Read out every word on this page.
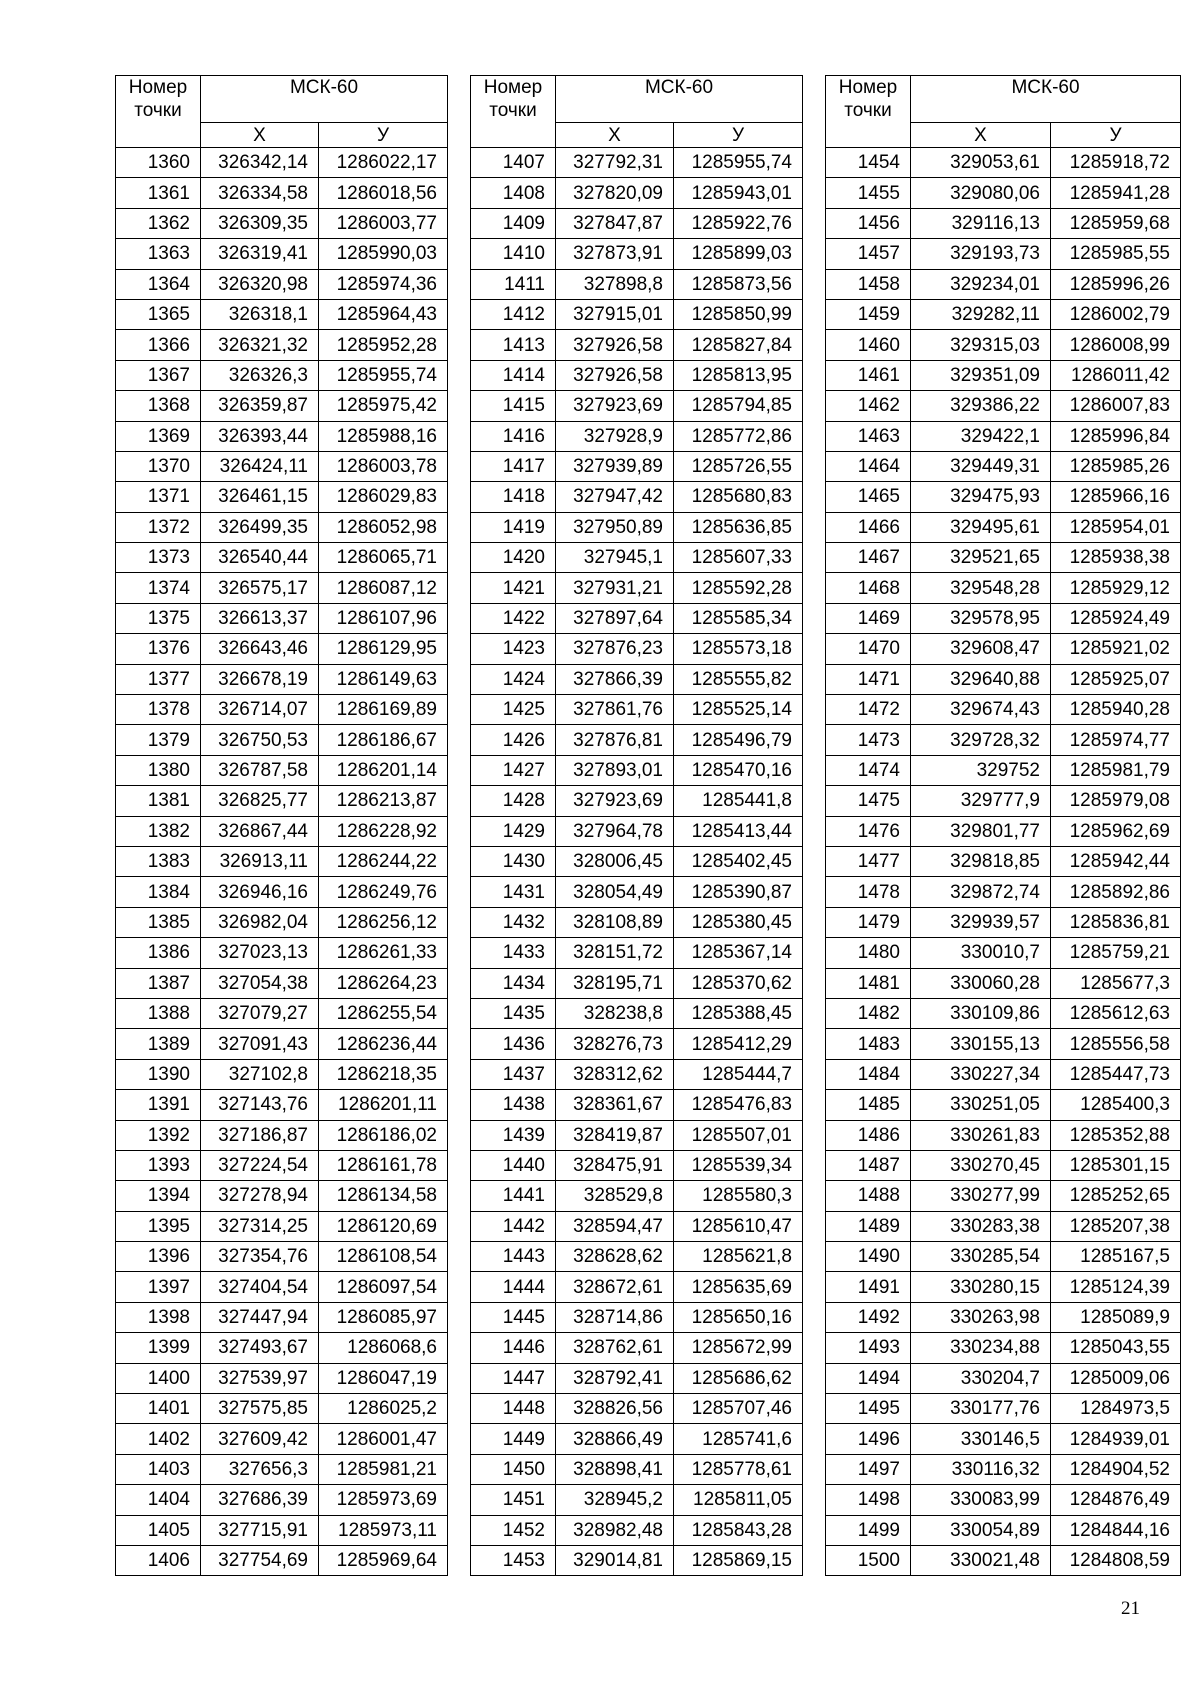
Номер точки	МСК-60	
	Х	У
1360	326342,14	1286022,17
1361	326334,58	1286018,56
1362	326309,35	1286003,77
1363	326319,41	1285990,03
1364	326320,98	1285974,36
1365	326318,1	1285964,43
1366	326321,32	1285952,28
1367	326326,3	1285955,74
1368	326359,87	1285975,42
1369	326393,44	1285988,16
1370	326424,11	1286003,78
1371	326461,15	1286029,83
1372	326499,35	1286052,98
1373	326540,44	1286065,71
1374	326575,17	1286087,12
1375	326613,37	1286107,96
1376	326643,46	1286129,95
1377	326678,19	1286149,63
1378	326714,07	1286169,89
1379	326750,53	1286186,67
1380	326787,58	1286201,14
1381	326825,77	1286213,87
1382	326867,44	1286228,92
1383	326913,11	1286244,22
1384	326946,16	1286249,76
1385	326982,04	1286256,12
1386	327023,13	1286261,33
1387	327054,38	1286264,23
1388	327079,27	1286255,54
1389	327091,43	1286236,44
1390	327102,8	1286218,35
1391	327143,76	1286201,11
1392	327186,87	1286186,02
1393	327224,54	1286161,78
1394	327278,94	1286134,58
1395	327314,25	1286120,69
1396	327354,76	1286108,54
1397	327404,54	1286097,54
1398	327447,94	1286085,97
1399	327493,67	1286068,6
1400	327539,97	1286047,19
1401	327575,85	1286025,2
1402	327609,42	1286001,47
1403	327656,3	1285981,21
1404	327686,39	1285973,69
1405	327715,91	1285973,11
1406	327754,69	1285969,64
Номер точки	МСК-60	
	Х	У
1407	327792,31	1285955,74
1408	327820,09	1285943,01
1409	327847,87	1285922,76
1410	327873,91	1285899,03
1411	327898,8	1285873,56
1412	327915,01	1285850,99
1413	327926,58	1285827,84
1414	327926,58	1285813,95
1415	327923,69	1285794,85
1416	327928,9	1285772,86
1417	327939,89	1285726,55
1418	327947,42	1285680,83
1419	327950,89	1285636,85
1420	327945,1	1285607,33
1421	327931,21	1285592,28
1422	327897,64	1285585,34
1423	327876,23	1285573,18
1424	327866,39	1285555,82
1425	327861,76	1285525,14
1426	327876,81	1285496,79
1427	327893,01	1285470,16
1428	327923,69	1285441,8
1429	327964,78	1285413,44
1430	328006,45	1285402,45
1431	328054,49	1285390,87
1432	328108,89	1285380,45
1433	328151,72	1285367,14
1434	328195,71	1285370,62
1435	328238,8	1285388,45
1436	328276,73	1285412,29
1437	328312,62	1285444,7
1438	328361,67	1285476,83
1439	328419,87	1285507,01
1440	328475,91	1285539,34
1441	328529,8	1285580,3
1442	328594,47	1285610,47
1443	328628,62	1285621,8
1444	328672,61	1285635,69
1445	328714,86	1285650,16
1446	328762,61	1285672,99
1447	328792,41	1285686,62
1448	328826,56	1285707,46
1449	328866,49	1285741,6
1450	328898,41	1285778,61
1451	328945,2	1285811,05
1452	328982,48	1285843,28
1453	329014,81	1285869,15
Номер точки	МСК-60	
	Х	У
1454	329053,61	1285918,72
1455	329080,06	1285941,28
1456	329116,13	1285959,68
1457	329193,73	1285985,55
1458	329234,01	1285996,26
1459	329282,11	1286002,79
1460	329315,03	1286008,99
1461	329351,09	1286011,42
1462	329386,22	1286007,83
1463	329422,1	1285996,84
1464	329449,31	1285985,26
1465	329475,93	1285966,16
1466	329495,61	1285954,01
1467	329521,65	1285938,38
1468	329548,28	1285929,12
1469	329578,95	1285924,49
1470	329608,47	1285921,02
1471	329640,88	1285925,07
1472	329674,43	1285940,28
1473	329728,32	1285974,77
1474	329752	1285981,79
1475	329777,9	1285979,08
1476	329801,77	1285962,69
1477	329818,85	1285942,44
1478	329872,74	1285892,86
1479	329939,57	1285836,81
1480	330010,7	1285759,21
1481	330060,28	1285677,3
1482	330109,86	1285612,63
1483	330155,13	1285556,58
1484	330227,34	1285447,73
1485	330251,05	1285400,3
1486	330261,83	1285352,88
1487	330270,45	1285301,15
1488	330277,99	1285252,65
1489	330283,38	1285207,38
1490	330285,54	1285167,5
1491	330280,15	1285124,39
1492	330263,98	1285089,9
1493	330234,88	1285043,55
1494	330204,7	1285009,06
1495	330177,76	1284973,5
1496	330146,5	1284939,01
1497	330116,32	1284904,52
1498	330083,99	1284876,49
1499	330054,89	1284844,16
1500	330021,48	1284808,59
21
